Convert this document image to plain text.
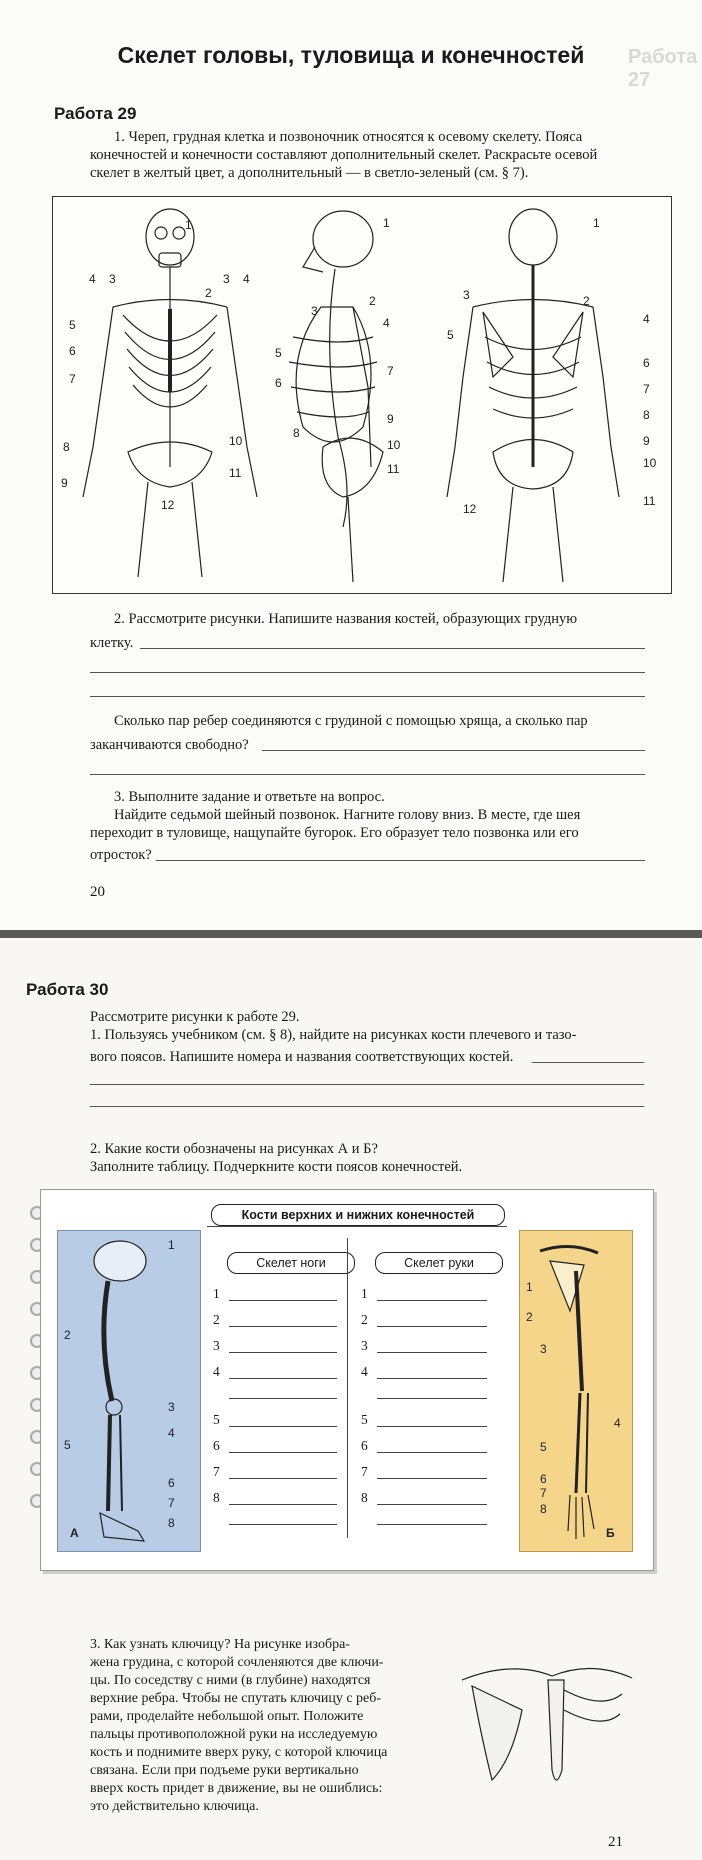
Работа 27
Скелет головы, туловища и конечностей
Работа 29
1. Череп, грудная клетка и позвоночник относятся к осевому скелету. Пояса
конечностей и конечности составляют дополнительный скелет. Раскрасьте осевой
скелет в желтый цвет, а дополнительный — в светло-зеленый (см. § 7).
1
2
3
4	3 4
5
6
7
8
9
10
11
12
1
2
3
4
5
6
7
8
9
10
11
1
2
3
4
5
6
7
8
9
10
11
12
2. Рассмотрите рисунки. Напишите названия костей, образующих грудную
клетку.
Сколько пар ребер соединяются с грудиной с помощью хряща, а сколько пар
заканчиваются свободно?
3. Выполните задание и ответьте на вопрос.
Найдите седьмой шейный позвонок. Нагните голову вниз. В месте, где шея
переходит в туловище, нащупайте бугорок. Его образует тело позвонка или его
отросток?
20
Работа 30
Рассмотрите рисунки к работе 29.
1. Пользуясь учебником (см. § 8), найдите на рисунках кости плечевого и тазо-
вого поясов. Напишите номера и названия соответствующих костей.
2. Какие кости обозначены на рисунках А и Б?
Заполните таблицу. Подчеркните кости поясов конечностей.
Кости верхних и нижних конечностей
1
2
3
4
5
6
7
8
А
Скелет ноги	Скелет руки
1
2
3
4
5
6
7
8
Б
1
2
3
4
5
6
7
8
1
2
3
4
5
6
7
8
3. Как узнать ключицу? На рисунке изобра-
жена грудина, с которой сочленяются две ключи-
цы. По соседству с ними (в глубине) находятся
верхние ребра. Чтобы не спутать ключицу с реб-
рами, проделайте небольшой опыт. Положите
пальцы противоположной руки на исследуемую
кость и поднимите вверх руку, с которой ключица
связана. Если при подъеме руки вертикально
вверх кость придет в движение, вы не ошиблись:
это действительно ключица.
21
